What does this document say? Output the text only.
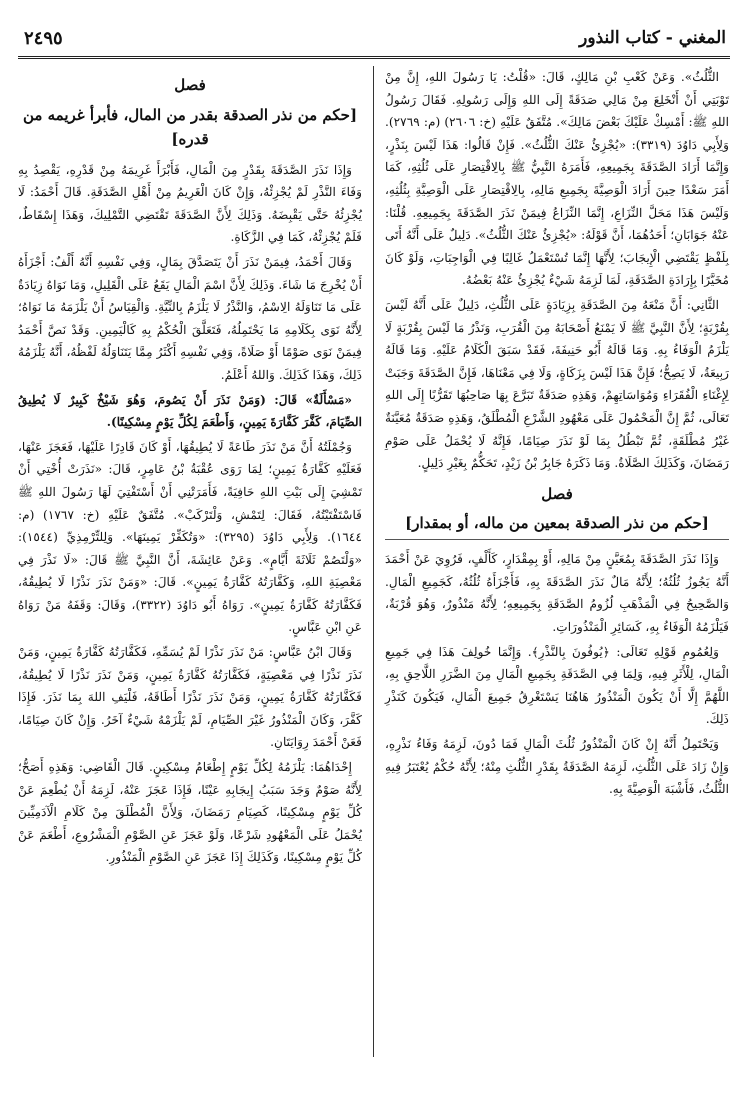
المغني - كتاب النذور
٢٤٩٥

الثُّلُثُ». وَعَنْ كَعْبِ بْنِ مَالِكٍ، قَالَ: «قُلْتُ: يَا رَسُولَ اللهِ، إِنَّ مِنْ تَوْبَتِي أَنْ أَنْخَلِعَ مِنْ مَالِي صَدَقَةً إِلَى اللهِ وَإِلَى رَسُولِهِ. فَقَالَ رَسُولُ اللهِ ﷺ: أَمْسِكْ عَلَيْكَ بَعْضَ مَالِكَ». مُتَّفَقٌ عَلَيْهِ (خ: ٢٦٠٦) (م: ٢٧٦٩). وَلِأَبِي دَاوُدَ (٣٣١٩): «يُجْزِئُ عَنْكَ الثُّلُثُ». فَإِنْ قَالُوا: هَذَا لَيْسَ بِنَذْرٍ، وَإِنَّمَا أَرَادَ الصَّدَقَةَ بِجَمِيعِهِ، فَأَمَرَهُ النَّبِيُّ ﷺ بِالِاقْتِصَارِ عَلَى ثُلُثِهِ، كَمَا أَمَرَ سَعْدًا حِينَ أَرَادَ الْوَصِيَّةَ بِجَمِيعِ مَالِهِ، بِالِاقْتِصَارِ عَلَى الْوَصِيَّةِ بِثُلُثِهِ، وَلَيْسَ هَذَا مَحَلَّ النِّزَاعِ، إِنَّمَا النِّزَاعُ فِيمَنْ نَذَرَ الصَّدَقَةَ بِجَمِيعِهِ. قُلْنَا: عَنْهُ جَوَابَانِ؛ أَحَدُهُمَا، أَنَّ قَوْلَهُ: «يُجْزِئُ عَنْكَ الثُّلُثُ». دَلِيلٌ عَلَى أَنَّهُ أَتَى بِلَفْظٍ يَقْتَضِي الْإِيجَابَ؛ لِأَنَّهَا إِنَّمَا تُسْتَعْمَلُ غَالِبًا فِي الْوَاجِبَاتِ، وَلَوْ كَانَ مُخَيَّرًا بِإِرَادَةِ الصَّدَقَةِ، لَمَا لَزِمَهُ شَيْءٌ يُجْزِئُ عَنْهُ بَعْضُهُ.

الثَّانِي: أَنَّ مَنْعَهُ مِنَ الصَّدَقَةِ بِزِيَادَةٍ عَلَى الثُّلُثِ، دَلِيلٌ عَلَى أَنَّهُ لَيْسَ بِقُرْبَةٍ؛ لِأَنَّ النَّبِيَّ ﷺ لَا يَمْنَعُ أَصْحَابَهُ مِنَ الْقُرَبِ، وَنَذْرُ مَا لَيْسَ بِقُرْبَةٍ لَا يَلْزَمُ الْوَفَاءُ بِهِ. وَمَا قَالَهُ أَبُو حَنِيفَةَ، فَقَدْ سَبَقَ الْكَلَامُ عَلَيْهِ. وَمَا قَالَهُ رَبِيعَةُ، لَا يَصِحُّ؛ فَإِنَّ هَذَا لَيْسَ بِزَكَاةٍ، وَلَا فِي مَعْنَاهَا، فَإِنَّ الصَّدَقَةَ وَجَبَتْ لِإِغْنَاءِ الْفُقَرَاءِ وَمُوَاسَاتِهِمْ، وَهَذِهِ صَدَقَةٌ تَبَرَّعَ بِهَا صَاحِبُهَا تَقَرُّبًا إِلَى اللهِ تَعَالَى، ثُمَّ إِنَّ الْمَحْمُولَ عَلَى مَعْهُودِ الشَّرْعِ الْمُطْلَقُ، وَهَذِهِ صَدَقَةٌ مُعَيَّنَةٌ غَيْرُ مُطْلَقَةٍ، ثُمَّ تَبْطُلُ بِمَا لَوْ نَذَرَ صِيَامًا، فَإِنَّهُ لَا يُحْمَلُ عَلَى صَوْمِ رَمَضَانَ، وَكَذَلِكَ الصَّلَاةُ. وَمَا ذَكَرَهُ جَابِرُ بْنُ زَيْدٍ، تَحَكُّمٌ بِغَيْرِ دَلِيلٍ.

فصل
[حكم من نذر الصدقة بمعين من ماله، أو بمقدار]

وَإِذَا نَذَرَ الصَّدَقَةَ بِمُعَيَّنٍ مِنْ مَالِهِ، أَوْ بِمِقْدَارٍ، كَأَلْفٍ، فَرُوِيَ عَنْ أَحْمَدَ أَنَّهُ يَجُوزُ ثُلُثُهُ؛ لِأَنَّهُ مَالٌ نَذَرَ الصَّدَقَةَ بِهِ، فَأَجْزَأَهُ ثُلُثُهُ، كَجَمِيعِ الْمَالِ. وَالصَّحِيحُ فِي الْمَذْهَبِ لُزُومُ الصَّدَقَةِ بِجَمِيعِهِ؛ لِأَنَّهُ مَنْذُورٌ، وَهُوَ قُرْبَةٌ، فَيَلْزَمُهُ الْوَفَاءُ بِهِ، كَسَائِرِ الْمَنْذُورَاتِ.

وَلِعُمُومِ قَوْلِهِ تَعَالَى: ﴿يُوفُونَ بِالنَّذْرِ﴾. وَإِنَّمَا خُولِفَ هَذَا فِي جَمِيعِ الْمَالِ، لِلْأَثَرِ فِيهِ، وَلِمَا فِي الصَّدَقَةِ بِجَمِيعِ الْمَالِ مِنَ الضَّرَرِ اللَّاحِقِ بِهِ، اللَّهُمَّ إِلَّا أَنْ يَكُونَ الْمَنْذُورُ هَاهُنَا يَسْتَغْرِقُ جَمِيعَ الْمَالِ، فَيَكُونَ كَنَذْرِ ذَلِكَ.

وَيَحْتَمِلُ أَنَّهُ إِنْ كَانَ الْمَنْذُورُ ثُلُثَ الْمَالِ فَمَا دُونَ، لَزِمَهُ وَفَاءُ نَذْرِهِ، وَإِنْ زَادَ عَلَى الثُّلُثِ، لَزِمَهُ الصَّدَقَةُ بِقَدْرِ الثُّلُثِ مِنْهُ؛ لِأَنَّهُ حُكْمٌ يُعْتَبَرُ فِيهِ الثُّلُثُ، فَأَشْبَهَ الْوَصِيَّةَ بِهِ.

فصل
[حكم من نذر الصدقة بقدر من المال، فأبرأ غريمه من قدره]

وَإِذَا نَذَرَ الصَّدَقَةَ بِقَدْرٍ مِنَ الْمَالِ، فَأَبْرَأَ غَرِيمَهُ مِنْ قَدْرِهِ، يَقْصِدُ بِهِ وَفَاءَ النَّذْرِ لَمْ يُجْزِئْهُ، وَإِنْ كَانَ الْغَرِيمُ مِنْ أَهْلِ الصَّدَقَةِ. قَالَ أَحْمَدُ: لَا يُجْزِئُهُ حَتَّى يَقْبِضَهُ. وَذَلِكَ لِأَنَّ الصَّدَقَةَ تَقْتَضِي التَّمْلِيكَ، وَهَذَا إِسْقَاطٌ، فَلَمْ يُجْزِئْهُ، كَمَا فِي الزَّكَاةِ.

وَقَالَ أَحْمَدُ، فِيمَنْ نَذَرَ أَنْ يَتَصَدَّقَ بِمَالٍ، وَفِي نَفْسِهِ أَنَّهُ أَلْفٌ: أَجْزَأَهُ أَنْ يُخْرِجَ مَا شَاءَ. وَذَلِكَ لِأَنَّ اسْمَ الْمَالِ يَقَعُ عَلَى الْقَلِيلِ، وَمَا نَوَاهُ زِيَادَةٌ عَلَى مَا تَنَاوَلَهُ الِاسْمُ، وَالنَّذْرُ لَا يَلْزَمُ بِالنِّيَّةِ. وَالْقِيَاسُ أَنْ يَلْزَمَهُ مَا نَوَاهُ؛ لِأَنَّهُ نَوَى بِكَلَامِهِ مَا يَحْتَمِلُهُ، فَتَعَلَّقَ الْحُكْمُ بِهِ كَالْيَمِينِ. وَقَدْ نَصَّ أَحْمَدُ فِيمَنْ نَوَى صَوْمًا أَوْ صَلَاةً، وَفِي نَفْسِهِ أَكْثَرُ مِمَّا يَتَنَاوَلُهُ لَفْظُهُ، أَنَّهُ يَلْزَمُهُ ذَلِكَ، وَهَذَا كَذَلِكَ. وَاللهُ أَعْلَمُ.

«مَسْأَلَةٌ» قَالَ: (وَمَنْ نَذَرَ أَنْ يَصُومَ، وَهُوَ شَيْخٌ كَبِيرٌ لَا يُطِيقُ الصِّيَامَ، كَفَّرَ كَفَّارَةَ يَمِينٍ، وَأَطْعَمَ لِكُلِّ يَوْمٍ مِسْكِينًا).

وَجُمْلَتُهُ أَنَّ مَنْ نَذَرَ طَاعَةً لَا يُطِيقُهَا، أَوْ كَانَ قَادِرًا عَلَيْهَا، فَعَجَزَ عَنْهَا، فَعَلَيْهِ كَفَّارَةُ يَمِينٍ؛ لِمَا رَوَى عُقْبَةُ بْنُ عَامِرٍ، قَالَ: «نَذَرَتْ أُخْتِي أَنْ تَمْشِيَ إِلَى بَيْتِ اللهِ حَافِيَةً، فَأَمَرَتْنِي أَنْ أَسْتَفْتِيَ لَهَا رَسُولَ اللهِ ﷺ فَاسْتَفْتَيْتُهُ، فَقَالَ: لِتَمْشِ، وَلْتَرْكَبْ». مُتَّفَقٌ عَلَيْهِ (خ: ١٧٦٧) (م: ١٦٤٤). وَلِأَبِي دَاوُدَ (٣٢٩٥): «وَتُكَفِّرْ يَمِينَهَا». وَلِلتِّرْمِذِيِّ (١٥٤٤): «وَلْتَصُمْ ثَلَاثَةَ أَيَّامٍ». وَعَنْ عَائِشَةَ، أَنَّ النَّبِيَّ ﷺ قَالَ: «لَا نَذْرَ فِي مَعْصِيَةِ اللهِ، وَكَفَّارَتُهُ كَفَّارَةُ يَمِينٍ». قَالَ: «وَمَنْ نَذَرَ نَذْرًا لَا يُطِيقُهُ، فَكَفَّارَتُهُ كَفَّارَةُ يَمِينٍ». رَوَاهُ أَبُو دَاوُدَ (٣٣٢٢)، وَقَالَ: وَقَفَهُ مَنْ رَوَاهُ عَنِ ابْنِ عَبَّاسٍ.

وَقَالَ ابْنُ عَبَّاسٍ: مَنْ نَذَرَ نَذْرًا لَمْ يُسَمِّهِ، فَكَفَّارَتُهُ كَفَّارَةُ يَمِينٍ، وَمَنْ نَذَرَ نَذْرًا فِي مَعْصِيَةٍ، فَكَفَّارَتُهُ كَفَّارَةُ يَمِينٍ، وَمَنْ نَذَرَ نَذْرًا لَا يُطِيقُهُ، فَكَفَّارَتُهُ كَفَّارَةُ يَمِينٍ، وَمَنْ نَذَرَ نَذْرًا أَطَاقَهُ، فَلْيَفِ اللهَ بِمَا نَذَرَ. فَإِذَا كَفَّرَ، وَكَانَ الْمَنْذُورُ غَيْرَ الصِّيَامِ، لَمْ يَلْزَمْهُ شَيْءٌ آخَرُ. وَإِنْ كَانَ صِيَامًا، فَعَنْ أَحْمَدَ رِوَايَتَانِ.

إِحْدَاهُمَا: يَلْزَمُهُ لِكُلِّ يَوْمٍ إِطْعَامُ مِسْكِينٍ. قَالَ الْقَاضِي: وَهَذِهِ أَصَحُّ؛ لِأَنَّهُ صَوْمٌ وَجَدَ سَبَبُ إِيجَابِهِ عَيْنًا، فَإِذَا عَجَزَ عَنْهُ، لَزِمَهُ أَنْ يُطْعِمَ عَنْ كُلِّ يَوْمٍ مِسْكِينًا، كَصِيَامِ رَمَضَانَ، وَلِأَنَّ الْمُطْلَقَ مِنْ كَلَامِ الْآدَمِيِّينَ يُحْمَلُ عَلَى الْمَعْهُودِ شَرْعًا، وَلَوْ عَجَزَ عَنِ الصَّوْمِ الْمَشْرُوعِ، أَطْعَمَ عَنْ كُلِّ يَوْمٍ مِسْكِينًا، وَكَذَلِكَ إِذَا عَجَزَ عَنِ الصَّوْمِ الْمَنْذُورِ.
